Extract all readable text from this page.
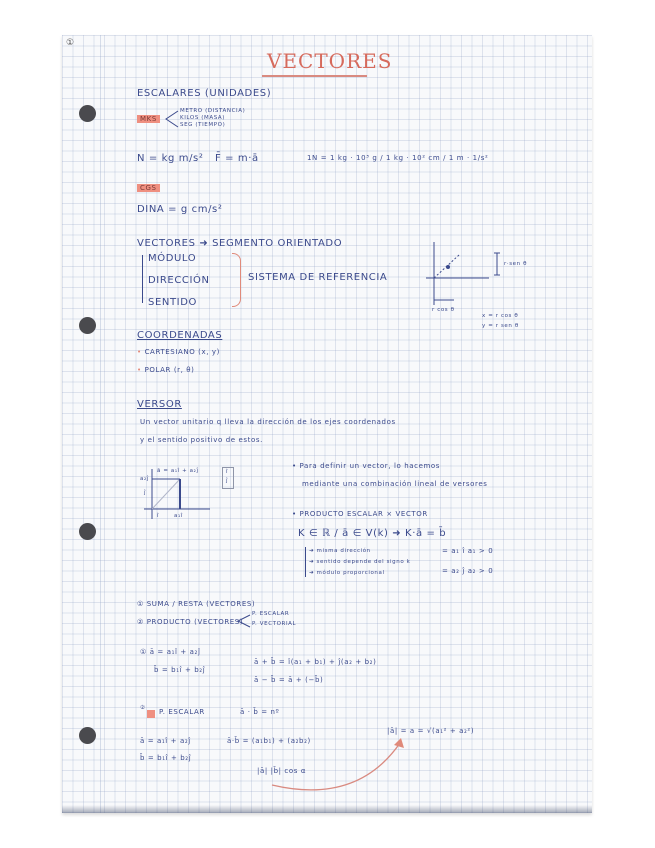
①
VECTORES
ESCALARES (UNIDADES)
MKS
METRO (DISTANCIA)
KILOS (MASA)
SEG (TIEMPO)
N = kg m/s² F̄ = m·ā	1N = 1 kg · 10³ g / 1 kg · 10² cm / 1 m · 1/s²
CGS
DINA = g cm/s²
VECTORES ➜ SEGMENTO ORIENTADO
MÓDULO
DIRECCIÓN
SENTIDO
SISTEMA DE REFERENCIA
r cos θ
r·sen θ
x = r cos θ
y = r sen θ
COORDENADAS
• CARTESIANO (x, y)
• POLAR (r, θ)
VERSOR
Un vector unitario q lleva la dirección de los ejes coordenados
y el sentido positivo de estos.
ā = a₁î + a₂ĵ
a₂ĵ
ĵ
î	a₁î
î
ĵ
• Para definir un vector, lo hacemos
mediante una combinación lineal de versores
• PRODUCTO ESCALAR × VECTOR
K ∈ ℝ / ā ∈ V(k) ➜ K·ā = b̄
➜ misma dirección
➜ sentido depende del signo k
➜ módulo proporcional
= a₁ î a₁ > 0
= a₂ ĵ a₂ > 0
① SUMA / RESTA (VECTORES)
② PRODUCTO (VECTORES)
P. ESCALAR
P. VECTORIAL
① ā = a₁î + a₂ĵ
b̄ = b₁î + b₂ĵ
ā + b̄ = î(a₁ + b₁) + ĵ(a₂ + b₂)
ā − b̄ = ā + (−b̄)
② P. ESCALAR	ā · b̄ = nº
ā = a₁î + a₂ĵ
b̄ = b₁î + b₂ĵ
ā·b̄ = (a₁b₁) + (a₂b₂)
|ā| |b̄| cos α
|ā| = a = √(a₁² + a₂²)
